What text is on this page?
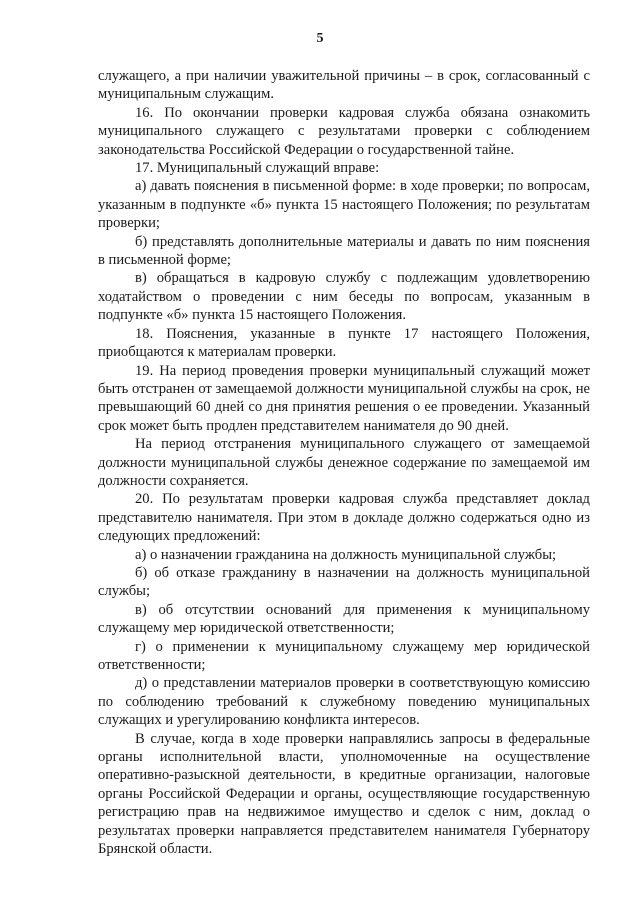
5

служащего, а при наличии уважительной причины – в срок, согласованный с муниципальным служащим.

16. По окончании проверки кадровая служба обязана ознакомить муниципального служащего с результатами проверки с соблюдением законодательства Российской Федерации о государственной тайне.

17. Муниципальный служащий вправе:

а) давать пояснения в письменной форме: в ходе проверки; по вопросам, указанным в подпункте «б» пункта 15 настоящего Положения; по результатам проверки;

б) представлять дополнительные материалы и давать по ним пояснения в письменной форме;

в) обращаться в кадровую службу с подлежащим удовлетворению ходатайством о проведении с ним беседы по вопросам, указанным в подпункте «б» пункта 15 настоящего Положения.

18. Пояснения, указанные в пункте 17 настоящего Положения, приобщаются к материалам проверки.

19. На период проведения проверки муниципальный служащий может быть отстранен от замещаемой должности муниципальной службы на срок, не превышающий 60 дней со дня принятия решения о ее проведении. Указанный срок может быть продлен представителем нанимателя до 90 дней.

На период отстранения муниципального служащего от замещаемой должности муниципальной службы денежное содержание по замещаемой им должности сохраняется.

20. По результатам проверки кадровая служба представляет доклад представителю нанимателя. При этом в докладе должно содержаться одно из следующих предложений:

а) о назначении гражданина на должность муниципальной службы;

б) об отказе гражданину в назначении на должность муниципальной службы;

в) об отсутствии оснований для применения к муниципальному служащему мер юридической ответственности;

г) о применении к муниципальному служащему мер юридической ответственности;

д) о представлении материалов проверки в соответствующую комиссию по соблюдению требований к служебному поведению муниципальных служащих и урегулированию конфликта интересов.

В случае, когда в ходе проверки направлялись запросы в федеральные органы исполнительной власти, уполномоченные на осуществление оперативно-разыскной деятельности, в кредитные организации, налоговые органы Российской Федерации и органы, осуществляющие государственную регистрацию прав на недвижимое имущество и сделок с ним, доклад о результатах проверки направляется представителем нанимателя Губернатору Брянской области.
